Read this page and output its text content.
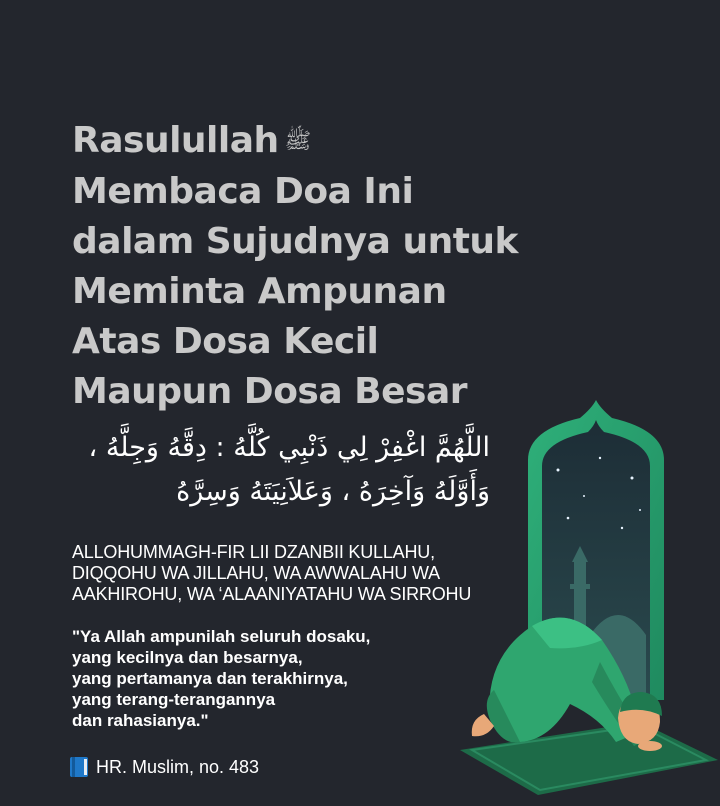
Rasulullah ﷺ
Membaca Doa Ini
dalam Sujudnya untuk
Meminta Ampunan
Atas Dosa Kecil
Maupun Dosa Besar
اللَّهُمَّ اغْفِرْ لِي ذَنْبِي كُلَّهُ : دِقَّهُ وَجِلَّهُ ،
وَأَوَّلَهُ وَآخِرَهُ ، وَعَلاَنِيَتَهُ وَسِرَّهُ
ALLOHUMMAGH-FIR LII DZANBII KULLAHU,
DIQQOHU WA JILLAHU, WA AWWALAHU WA
AAKHIROHU, WA ‘ALAANIYATAHU WA SIRROHU
"Ya Allah ampunilah seluruh dosaku,
yang kecilnya dan besarnya,
yang pertamanya dan terakhirnya,
yang terang-terangannya
dan rahasianya."
HR. Muslim, no. 483
